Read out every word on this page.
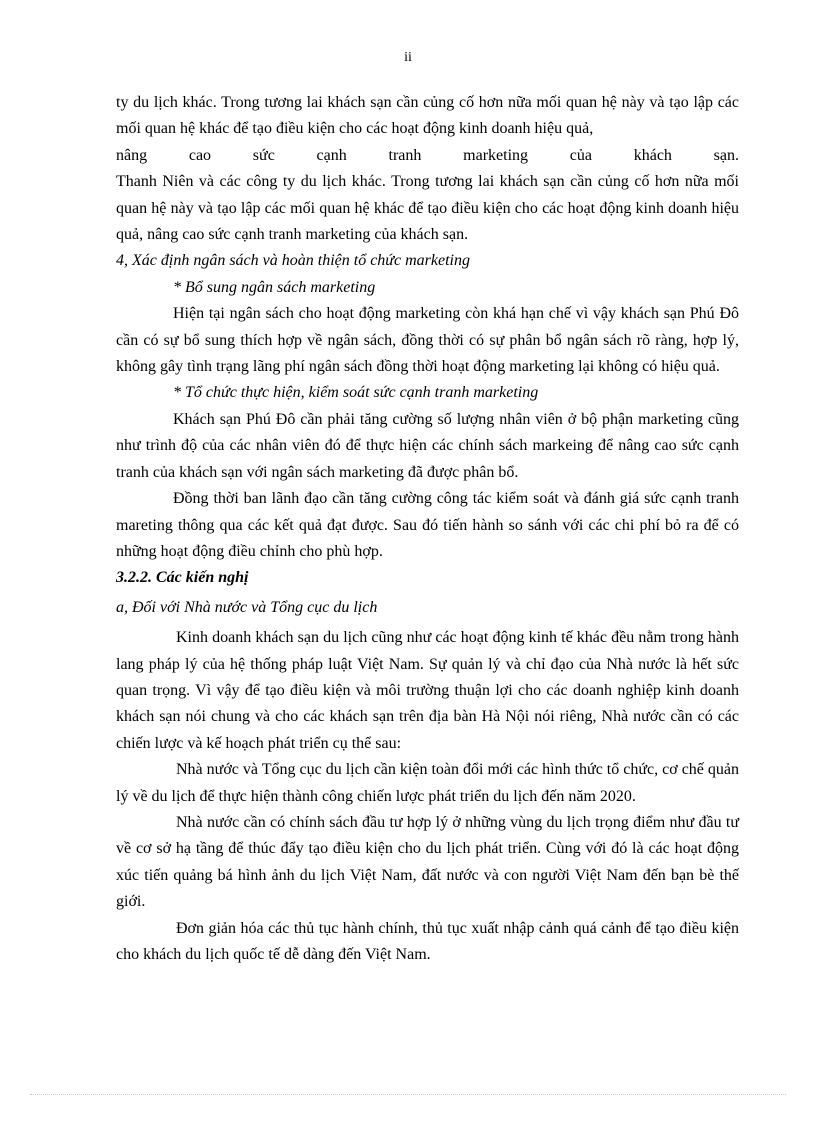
ii

ty du lịch khác. Trong tương lai khách sạn cần củng cố hơn nữa mối quan hệ này và tạo lập các mối quan hệ khác để tạo điều kiện cho các hoạt động kinh doanh hiệu quả,

nâng cao sức cạnh tranh marketing của khách sạn.

Thanh Niên và các công ty du lịch khác. Trong tương lai khách sạn cần củng cố hơn nữa mối quan hệ này và tạo lập các mối quan hệ khác để tạo điều kiện cho các hoạt động kinh doanh hiệu quả, nâng cao sức cạnh tranh marketing của khách sạn.

4, Xác định ngân sách và hoàn thiện tổ chức marketing

* Bổ sung ngân sách marketing

Hiện tại ngân sách cho hoạt động marketing còn khá hạn chế vì vậy khách sạn Phú Đô cần có sự bổ sung thích hợp về ngân sách, đồng thời có sự phân bổ ngân sách rõ ràng, hợp lý, không gây tình trạng lãng phí ngân sách đồng thời hoạt động marketing lại không có hiệu quả.

* Tổ chức thực hiện, kiểm soát sức cạnh tranh marketing

Khách sạn Phú Đô cần phải tăng cường số lượng nhân viên ở bộ phận marketing cũng như trình độ của các nhân viên đó để thực hiện các chính sách markeing để nâng cao sức cạnh tranh của khách sạn với ngân sách marketing đã được phân bổ.

Đồng thời ban lãnh đạo cần tăng cường công tác kiểm soát và đánh giá sức cạnh tranh mareting thông qua các kết quả đạt được. Sau đó tiến hành so sánh với các chi phí bỏ ra để có những hoạt động điều chỉnh cho phù hợp.

3.2.2. Các kiến nghị

a, Đối với Nhà nước và Tổng cục du lịch

Kinh doanh khách sạn du lịch cũng như các hoạt động kinh tế khác đều nằm trong hành lang pháp lý của hệ thống pháp luật Việt Nam. Sự quản lý và chỉ đạo của Nhà nước là hết sức quan trọng. Vì vậy để tạo điều kiện và môi trường thuận lợi cho các doanh nghiệp kinh doanh khách sạn nói chung và cho các khách sạn trên địa bàn Hà Nội nói riêng, Nhà nước cần có các chiến lược và kế hoạch phát triển cụ thể sau:

Nhà nước và Tổng cục du lịch cần kiện toàn đổi mới các hình thức tổ chức, cơ chế quản lý về du lịch để thực hiện thành công chiến lược phát triển du lịch đến năm 2020.

Nhà nước cần có chính sách đầu tư hợp lý ở những vùng du lịch trọng điểm như đầu tư về cơ sở hạ tầng để thúc đẩy tạo điều kiện cho du lịch phát triển. Cùng với đó là các hoạt động xúc tiến quảng bá hình ảnh du lịch Việt Nam, đất nước và con người Việt Nam đến bạn bè thế giới.

Đơn giản hóa các thủ tục hành chính, thủ tục xuất nhập cảnh quá cảnh để tạo điều kiện cho khách du lịch quốc tế dễ dàng đến Việt Nam.
